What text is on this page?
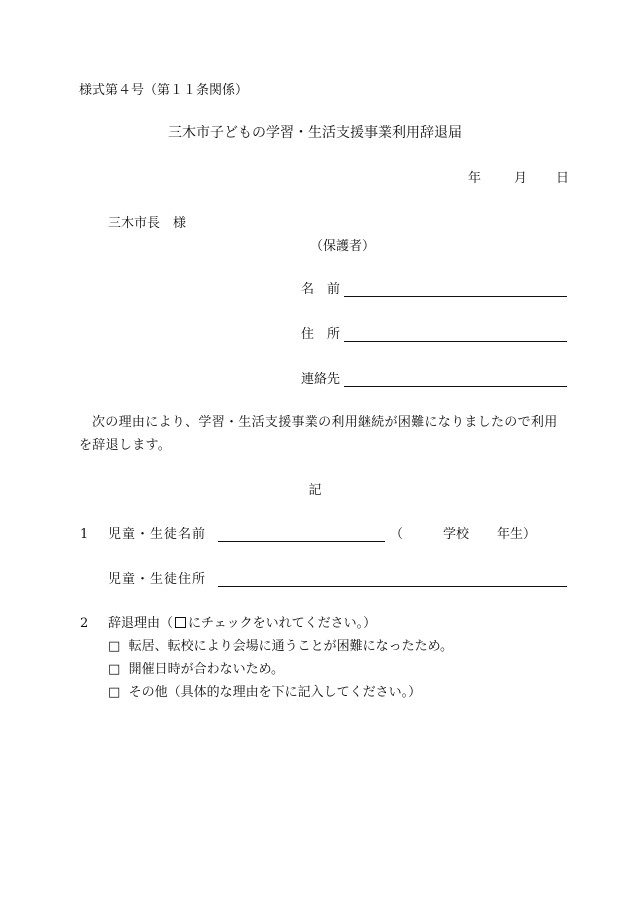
様式第４号（第１１条関係）
三木市子どもの学習・生活支援事業利用辞退届
年	月 日
三木市長　様
（保護者）
名　前
住　所
連絡先
次の理由により、学習・生活支援事業の利用継続が困難になりましたので利用を辞退します。
記
1 児童・生徒名前	（	学校 年生）
児童・生徒住所
2 辞退理由（ にチェックをいれてください。）
□ 転居、転校により会場に通うことが困難になったため。
□ 開催日時が合わないため。
□ その他（具体的な理由を下に記入してください。）
